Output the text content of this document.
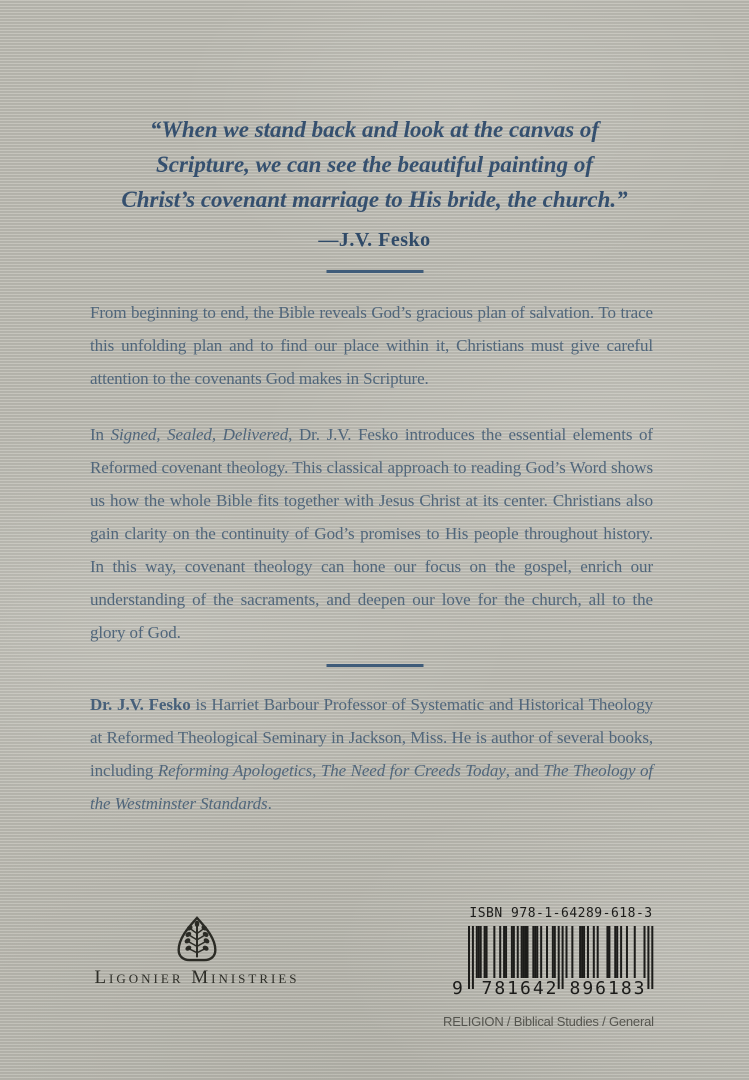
“When we stand back and look at the canvas of
Scripture, we can see the beautiful painting of
Christ’s covenant marriage to His bride, the church.”
—J.V. Fesko

From beginning to end, the Bible reveals God’s gracious plan of salvation. To trace this unfolding plan and to find our place within it, Christians must give careful attention to the covenants God makes in Scripture.

In Signed, Sealed, Delivered, Dr. J.V. Fesko introduces the essential elements of Reformed covenant theology. This classical approach to reading God’s Word shows us how the whole Bible fits together with Jesus Christ at its center. Christians also gain clarity on the continuity of God’s promises to His people throughout history. In this way, covenant theology can hone our focus on the gospel, enrich our understanding of the sacraments, and deepen our love for the church, all to the glory of God.

Dr. J.V. Fesko is Harriet Barbour Professor of Systematic and Historical Theology at Reformed Theological Seminary in Jackson, Miss. He is author of several books, including Reforming Apologetics, The Need for Creeds Today, and The Theology of the Westminster Standards.

Ligonier Ministries
ISBN 978-1-64289-618-3
9	781642 896183
RELIGION / Biblical Studies / General
